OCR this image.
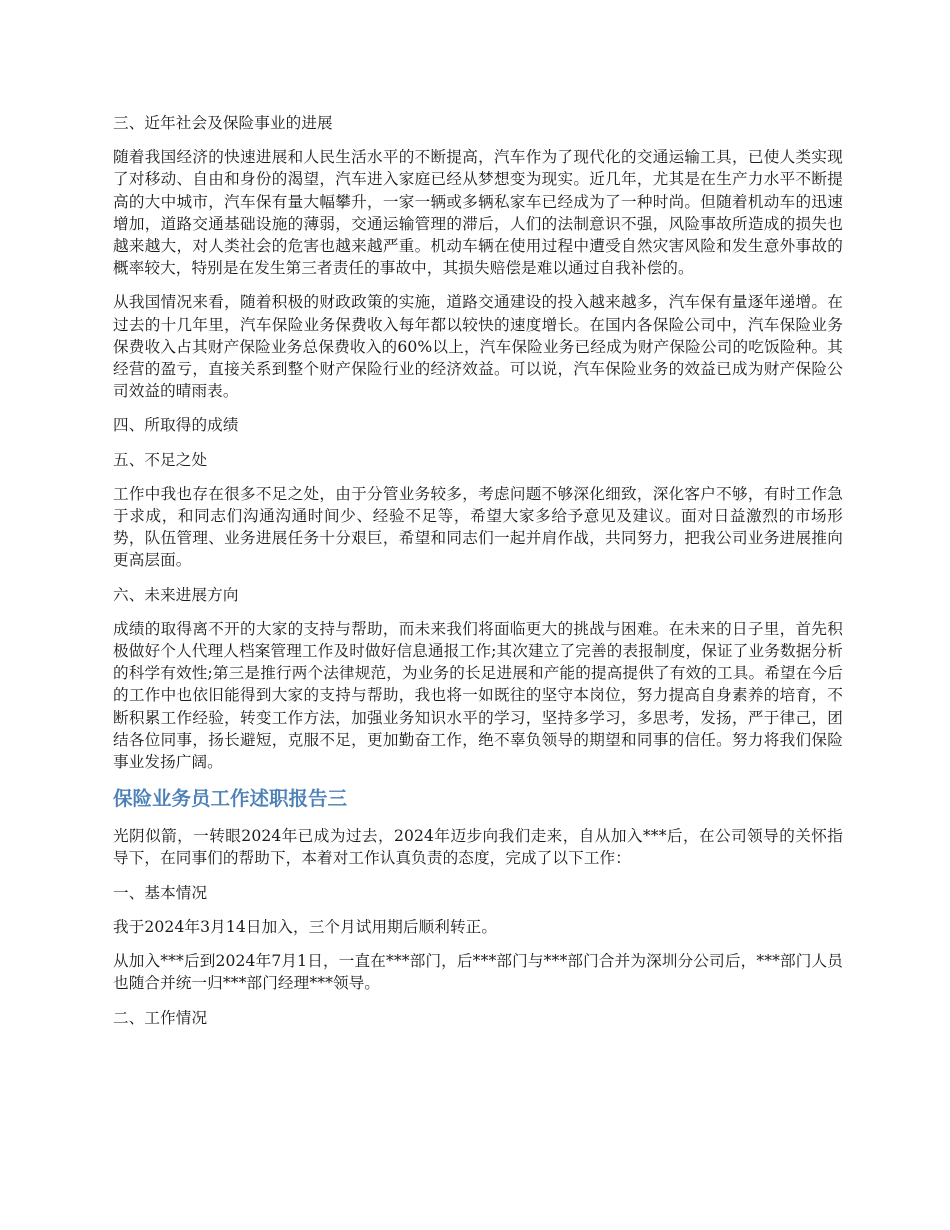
三、近年社会及保险事业的进展

随着我国经济的快速进展和人民生活水平的不断提高，汽车作为了现代化的交通运输工具，已使人类实现了对移动、自由和身份的渴望，汽车进入家庭已经从梦想变为现实。近几年，尤其是在生产力水平不断提高的大中城市，汽车保有量大幅攀升，一家一辆或多辆私家车已经成为了一种时尚。但随着机动车的迅速增加，道路交通基础设施的薄弱，交通运输管理的滞后，人们的法制意识不强，风险事故所造成的损失也越来越大，对人类社会的危害也越来越严重。机动车辆在使用过程中遭受自然灾害风险和发生意外事故的概率较大，特别是在发生第三者责任的事故中，其损失赔偿是难以通过自我补偿的。

从我国情况来看，随着积极的财政政策的实施，道路交通建设的投入越来越多，汽车保有量逐年递增。在过去的十几年里，汽车保险业务保费收入每年都以较快的速度增长。在国内各保险公司中，汽车保险业务保费收入占其财产保险业务总保费收入的60%以上，汽车保险业务已经成为财产保险公司的吃饭险种。其经营的盈亏，直接关系到整个财产保险行业的经济效益。可以说，汽车保险业务的效益已成为财产保险公司效益的晴雨表。

四、所取得的成绩

五、不足之处

工作中我也存在很多不足之处，由于分管业务较多，考虑问题不够深化细致，深化客户不够，有时工作急于求成，和同志们沟通沟通时间少、经验不足等，希望大家多给予意见及建议。面对日益激烈的市场形势，队伍管理、业务进展任务十分艰巨，希望和同志们一起并肩作战，共同努力，把我公司业务进展推向更高层面。

六、未来进展方向

成绩的取得离不开的大家的支持与帮助，而未来我们将面临更大的挑战与困难。在未来的日子里，首先积极做好个人代理人档案管理工作及时做好信息通报工作;其次建立了完善的表报制度，保证了业务数据分析的科学有效性;第三是推行两个法律规范，为业务的长足进展和产能的提高提供了有效的工具。希望在今后的工作中也依旧能得到大家的支持与帮助，我也将一如既往的坚守本岗位，努力提高自身素养的培育，不断积累工作经验，转变工作方法，加强业务知识水平的学习，坚持多学习，多思考，发扬，严于律己，团结各位同事，扬长避短，克服不足，更加勤奋工作，绝不辜负领导的期望和同事的信任。努力将我们保险事业发扬广阔。

保险业务员工作述职报告三

光阴似箭，一转眼2024年已成为过去，2024年迈步向我们走来，自从加入***后，在公司领导的关怀指导下，在同事们的帮助下，本着对工作认真负责的态度，完成了以下工作：

一、基本情况

我于2024年3月14日加入，三个月试用期后顺利转正。

从加入***后到2024年7月1日，一直在***部门，后***部门与***部门合并为深圳分公司后，***部门人员也随合并统一归***部门经理***领导。

二、工作情况
